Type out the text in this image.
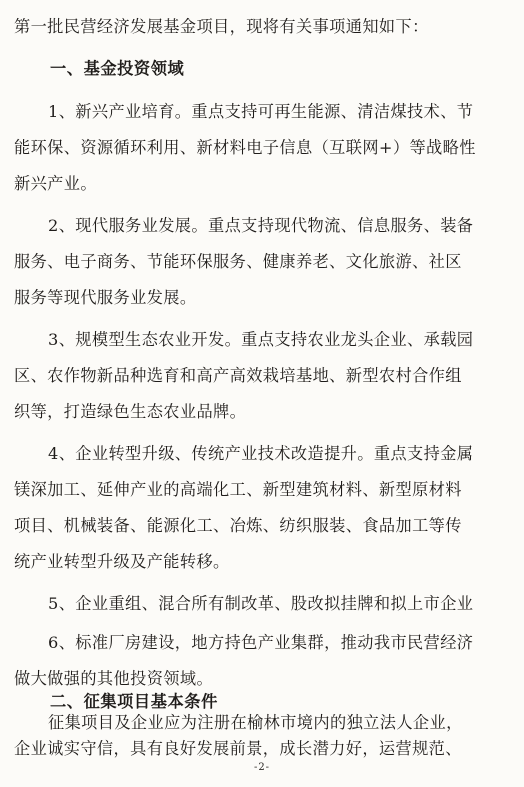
第一批民营经济发展基金项目，现将有关事项通知如下：
一、基金投资领域
1、新兴产业培育。重点支持可再生能源、清洁煤技术、节
能环保、资源循环利用、新材料电子信息（互联网+）等战略性
新兴产业。
2、现代服务业发展。重点支持现代物流、信息服务、装备
服务、电子商务、节能环保服务、健康养老、文化旅游、社区
服务等现代服务业发展。
3、规模型生态农业开发。重点支持农业龙头企业、承载园
区、农作物新品种选育和高产高效栽培基地、新型农村合作组
织等，打造绿色生态农业品牌。
4、企业转型升级、传统产业技术改造提升。重点支持金属
镁深加工、延伸产业的高端化工、新型建筑材料、新型原材料
项目、机械装备、能源化工、冶炼、纺织服装、食品加工等传
统产业转型升级及产能转移。
5、企业重组、混合所有制改革、股改拟挂牌和拟上市企业
6、标准厂房建设，地方持色产业集群，推动我市民营经济
做大做强的其他投资领域。
二、征集项目基本条件
征集项目及企业应为注册在榆林市境内的独立法人企业，
企业诚实守信，具有良好发展前景，成长潜力好，运营规范、
-2-
